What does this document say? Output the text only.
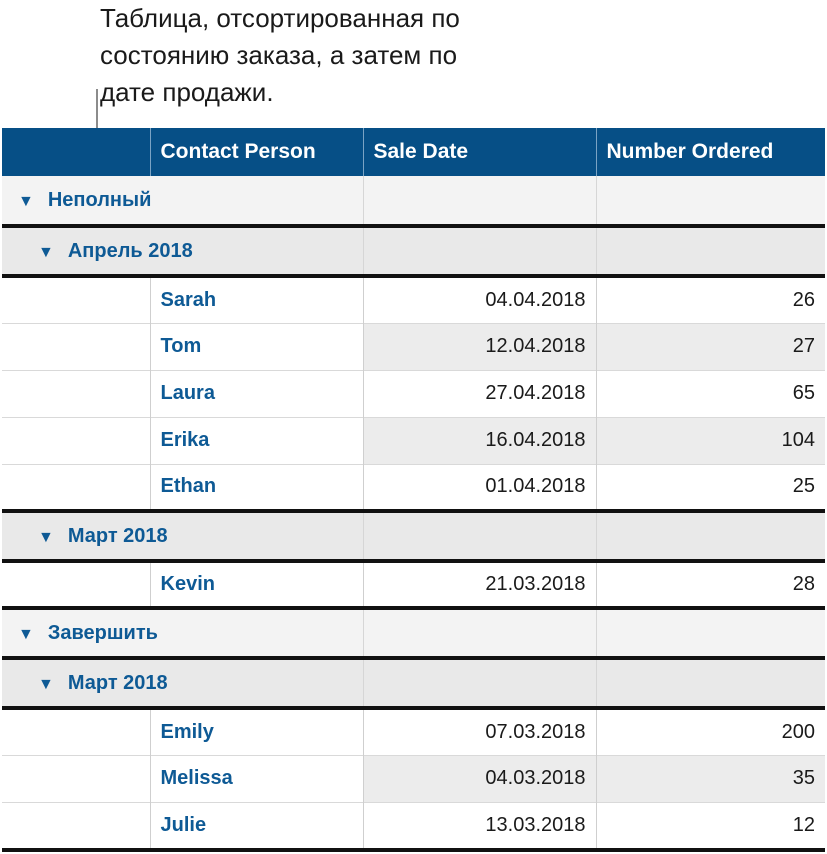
Таблица, отсортированная по
состоянию заказа, а затем по
дате продажи.
	Contact Person	Sale Date	Number Ordered
▼ Неполный			
▼ Апрель 2018			
	Sarah	04.04.2018	26
	Tom	12.04.2018	27
	Laura	27.04.2018	65
	Erika	16.04.2018	104
	Ethan	01.04.2018	25
▼ Март 2018			
	Kevin	21.03.2018	28
▼ Завершить			
▼ Март 2018			
	Emily	07.03.2018	200
	Melissa	04.03.2018	35
	Julie	13.03.2018	12
